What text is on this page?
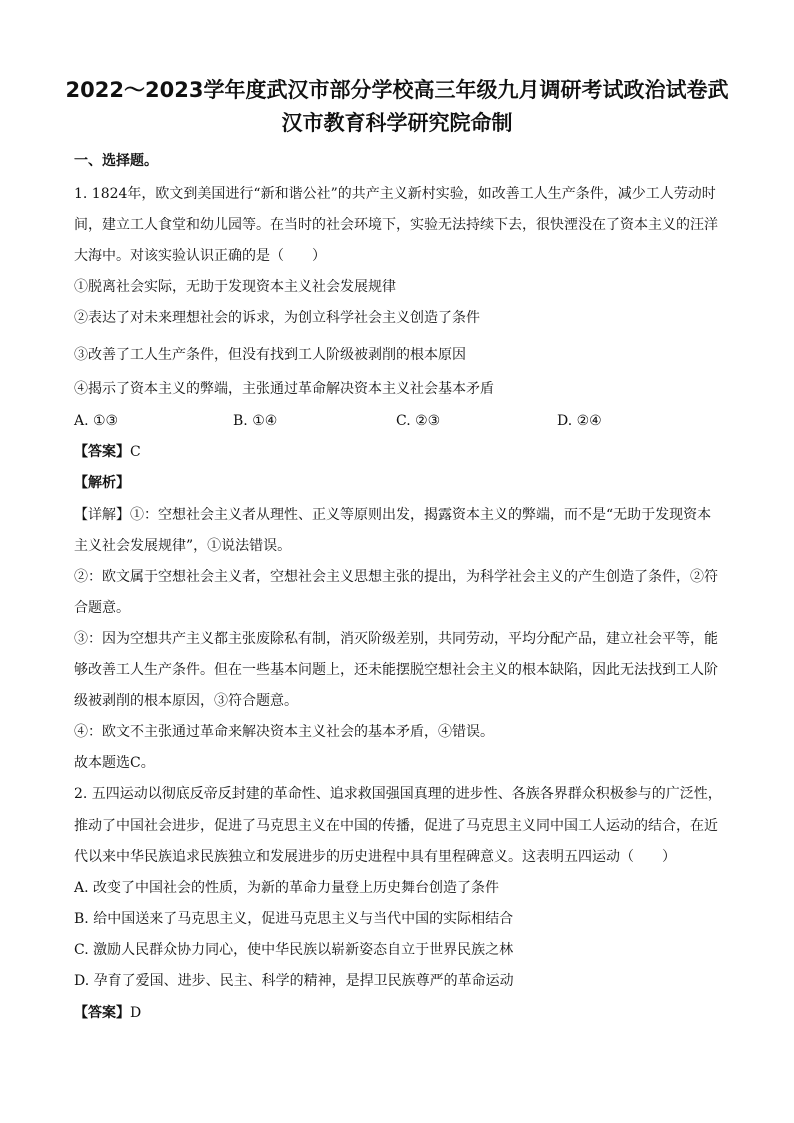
2022～2023学年度武汉市部分学校高三年级九月调研考试政治试卷武
汉市教育科学研究院命制
一、选择题。
1. 1824年，欧文到美国进行“新和谐公社”的共产主义新村实验，如改善工人生产条件，减少工人劳动时
间，建立工人食堂和幼儿园等。在当时的社会环境下，实验无法持续下去，很快湮没在了资本主义的汪洋
大海中。对该实验认识正确的是（　　）
①脱离社会实际，无助于发现资本主义社会发展规律
②表达了对未来理想社会的诉求，为创立科学社会主义创造了条件
③改善了工人生产条件，但没有找到工人阶级被剥削的根本原因
④揭示了资本主义的弊端，主张通过革命解决资本主义社会基本矛盾
A. ①③	B. ①④	C. ②③	D. ②④
【答案】C
【解析】
【详解】①：空想社会主义者从理性、正义等原则出发，揭露资本主义的弊端，而不是“无助于发现资本
主义社会发展规律”，①说法错误。
②：欧文属于空想社会主义者，空想社会主义思想主张的提出，为科学社会主义的产生创造了条件，②符
合题意。
③：因为空想共产主义都主张废除私有制，消灭阶级差别，共同劳动，平均分配产品，建立社会平等，能
够改善工人生产条件。但在一些基本问题上，还未能摆脱空想社会主义的根本缺陷，因此无法找到工人阶
级被剥削的根本原因，③符合题意。
④：欧文不主张通过革命来解决资本主义社会的基本矛盾，④错误。
故本题选C。
2. 五四运动以彻底反帝反封建的革命性、追求救国强国真理的进步性、各族各界群众积极参与的广泛性，
推动了中国社会进步，促进了马克思主义在中国的传播，促进了马克思主义同中国工人运动的结合，在近
代以来中华民族追求民族独立和发展进步的历史进程中具有里程碑意义。这表明五四运动（　　）
A. 改变了中国社会的性质，为新的革命力量登上历史舞台创造了条件
B. 给中国送来了马克思主义，促进马克思主义与当代中国的实际相结合
C. 激励人民群众协力同心，使中华民族以崭新姿态自立于世界民族之林
D. 孕育了爱国、进步、民主、科学的精神，是捍卫民族尊严的革命运动
【答案】D
